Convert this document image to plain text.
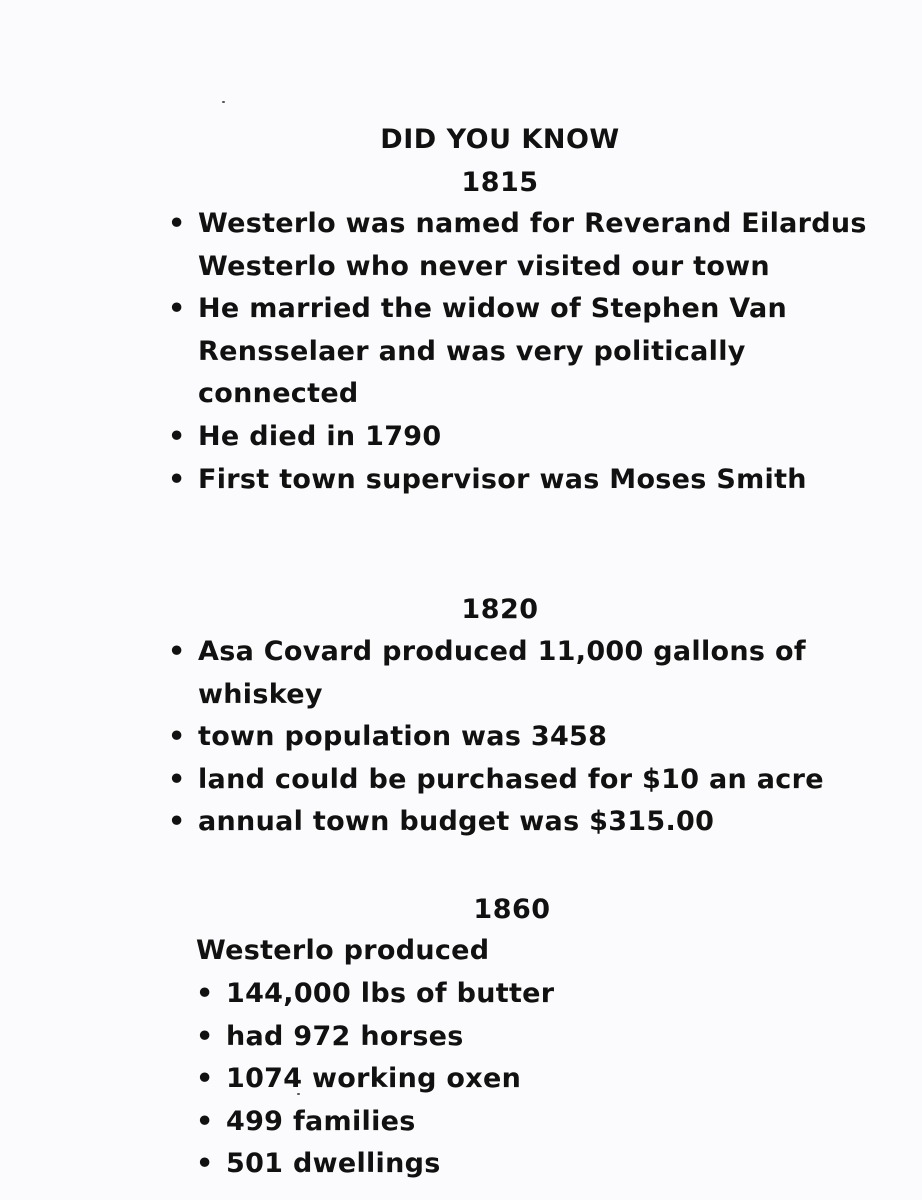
DID YOU KNOW
1815
• Westerlo was named for Reverand Eilardus Westerlo who never visited our town
• He married the widow of Stephen Van Rensselaer and was very politically connected
• He died in 1790
• First town supervisor was Moses Smith
1820
• Asa Covard produced 11,000 gallons of whiskey
• town population was 3458
• land could be purchased for $10 an acre
• annual town budget was $315.00
1860
Westerlo produced
• 144,000 lbs of butter
• had 972 horses
• 1074 working oxen
• 499 families
• 501 dwellings
